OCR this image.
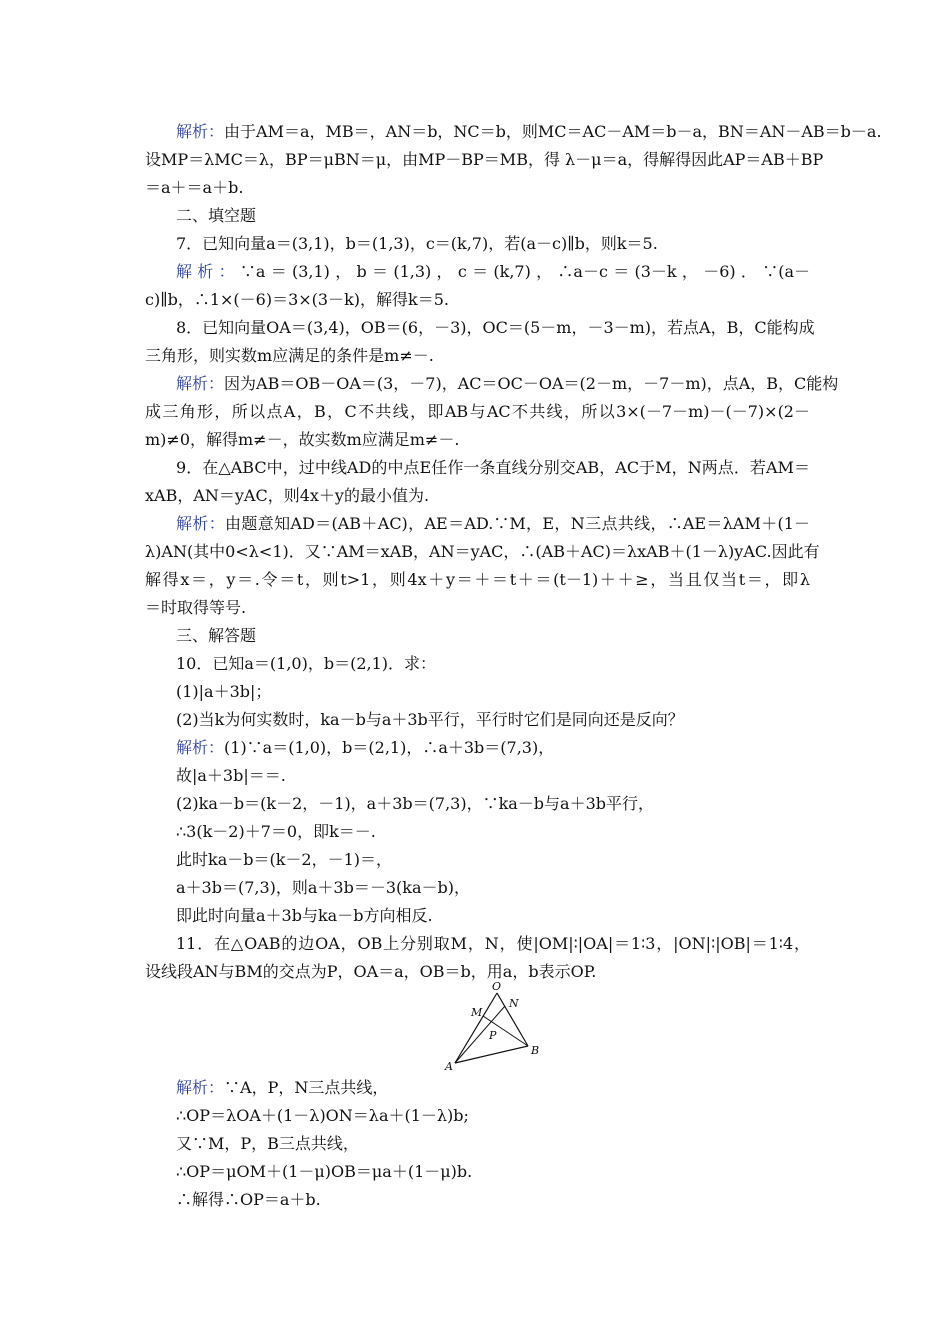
解析：由于AM＝a，MB＝，AN＝b，NC＝b，则MC＝AC－AM＝b－a，BN＝AN－AB＝b－a.
设MP＝λMC＝λ，BP＝μBN＝μ，由MP－BP＝MB，得 λ－μ＝a，得解得因此AP＝AB＋BP
＝a＋＝a＋b.
二、填空题
7．已知向量a＝(3,1)，b＝(1,3)，c＝(k,7)，若(a－c)∥b，则k＝5.
解析：∵a＝(3,1)，b＝(1,3)，c＝(k,7)，∴a－c＝(3－k，－6)．∵(a－
c)∥b，∴1×(－6)＝3×(3－k)，解得k＝5.
8．已知向量OA＝(3,4)，OB＝(6，－3)，OC＝(5－m，－3－m)，若点A，B，C能构成
三角形，则实数m应满足的条件是m≠－.
解析：因为AB＝OB－OA＝(3，－7)，AC＝OC－OA＝(2－m，－7－m)，点A，B，C能构
成三角形，所以点A，B，C不共线，即AB与AC不共线，所以3×(－7－m)－(－7)×(2－
m)≠0，解得m≠－，故实数m应满足m≠－.
9．在△ABC中，过中线AD的中点E任作一条直线分别交AB，AC于M，N两点．若AM＝
xAB，AN＝yAC，则4x＋y的最小值为.
解析：由题意知AD＝(AB＋AC)，AE＝AD.∵M，E，N三点共线，∴AE＝λAM＋(1－
λ)AN(其中0<λ<1)．又∵AM＝xAB，AN＝yAC，∴(AB＋AC)＝λxAB＋(1－λ)yAC.因此有
解得x＝，y＝.令＝t，则t>1，则4x＋y＝＋＝t＋＝(t－1)＋＋≥，当且仅当t＝，即λ
＝时取得等号.
三、解答题
10．已知a＝(1,0)，b＝(2,1)．求：
(1)|a＋3b|；
(2)当k为何实数时，ka－b与a＋3b平行，平行时它们是同向还是反向？
解析：(1)∵a＝(1,0)，b＝(2,1)，∴a＋3b＝(7,3)，
故|a＋3b|＝＝.
(2)ka－b＝(k－2，－1)，a＋3b＝(7,3)，∵ka－b与a＋3b平行，
∴3(k－2)＋7＝0，即k＝－.
此时ka－b＝(k－2，－1)＝，
a＋3b＝(7,3)，则a＋3b＝－3(ka－b)，
即此时向量a＋3b与ka－b方向相反.
11．在△OAB的边OA，OB上分别取M，N，使|OM|∶|OA|＝1∶3，|ON|∶|OB|＝1∶4，
设线段AN与BM的交点为P，OA＝a，OB＝b，用a，b表示OP.
O
N
M
P
B
A
解析：∵A，P，N三点共线，
∴OP＝λOA＋(1－λ)ON＝λa＋(1－λ)b;
又∵M，P，B三点共线，
∴OP＝μOM＋(1－μ)OB＝μa＋(1－μ)b.
∴解得∴OP＝a＋b.
